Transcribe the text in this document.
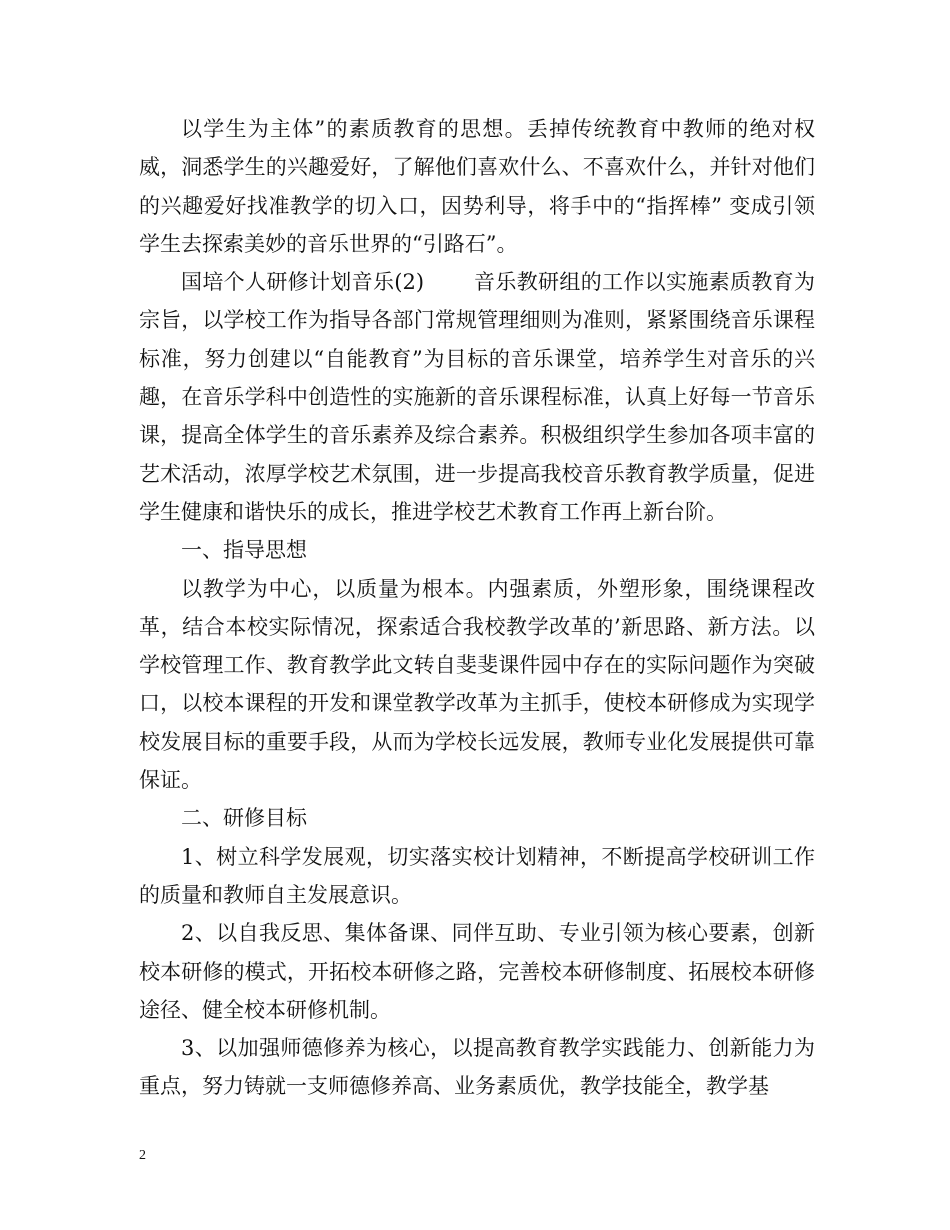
以学生为主体”的素质教育的思想。丢掉传统教育中教师的绝对权威，洞悉学生的兴趣爱好，了解他们喜欢什么、不喜欢什么，并针对他们的兴趣爱好找准教学的切入口，因势利导，将手中的“指挥棒” 变成引领学生去探索美妙的音乐世界的“引路石”。

国培个人研修计划音乐(2)　　 音乐教研组的工作以实施素质教育为宗旨，以学校工作为指导各部门常规管理细则为准则，紧紧围绕音乐课程标准，努力创建以“自能教育”为目标的音乐课堂，培养学生对音乐的兴趣，在音乐学科中创造性的实施新的音乐课程标准，认真上好每一节音乐课，提高全体学生的音乐素养及综合素养。积极组织学生参加各项丰富的艺术活动，浓厚学校艺术氛围，进一步提高我校音乐教育教学质量，促进学生健康和谐快乐的成长，推进学校艺术教育工作再上新台阶。

一、指导思想

以教学为中心，以质量为根本。内强素质，外塑形象，围绕课程改革，结合本校实际情况，探索适合我校教学改革的’新思路、新方法。以学校管理工作、教育教学此文转自斐斐课件园中存在的实际问题作为突破口，以校本课程的开发和课堂教学改革为主抓手，使校本研修成为实现学校发展目标的重要手段，从而为学校长远发展，教师专业化发展提供可靠保证。

二、研修目标

1、树立科学发展观，切实落实校计划精神，不断提高学校研训工作的质量和教师自主发展意识。

2、以自我反思、集体备课、同伴互助、专业引领为核心要素，创新校本研修的模式，开拓校本研修之路，完善校本研修制度、拓展校本研修途径、健全校本研修机制。

3、以加强师德修养为核心，以提高教育教学实践能力、创新能力为重点，努力铸就一支师德修养高、业务素质优，教学技能全，教学基

2
